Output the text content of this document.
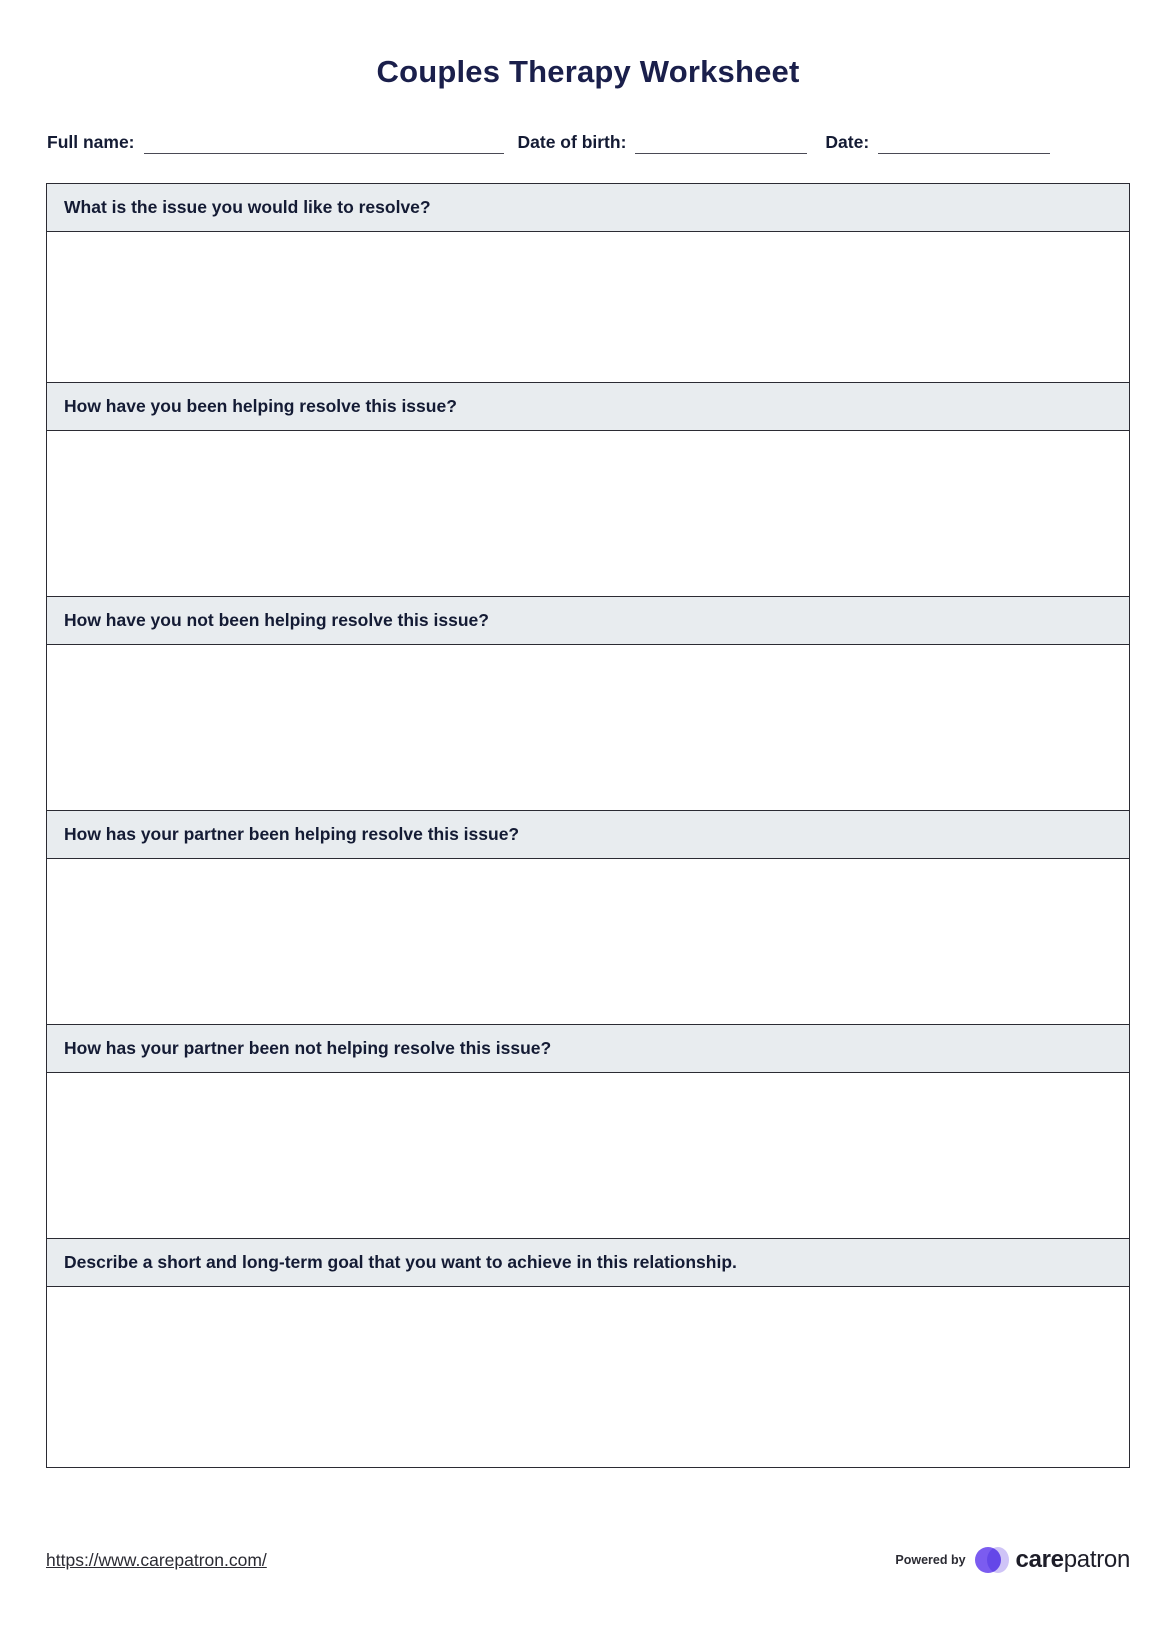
Couples Therapy Worksheet
Full name:	Date of birth:	Date:
What is the issue you would like to resolve?
How have you been helping resolve this issue?
How have you not been helping resolve this issue?
How has your partner been helping resolve this issue?
How has your partner been not helping resolve this issue?
Describe a short and long-term goal that you want to achieve in this relationship.
https://www.carepatron.com/	Powered by carepatron
